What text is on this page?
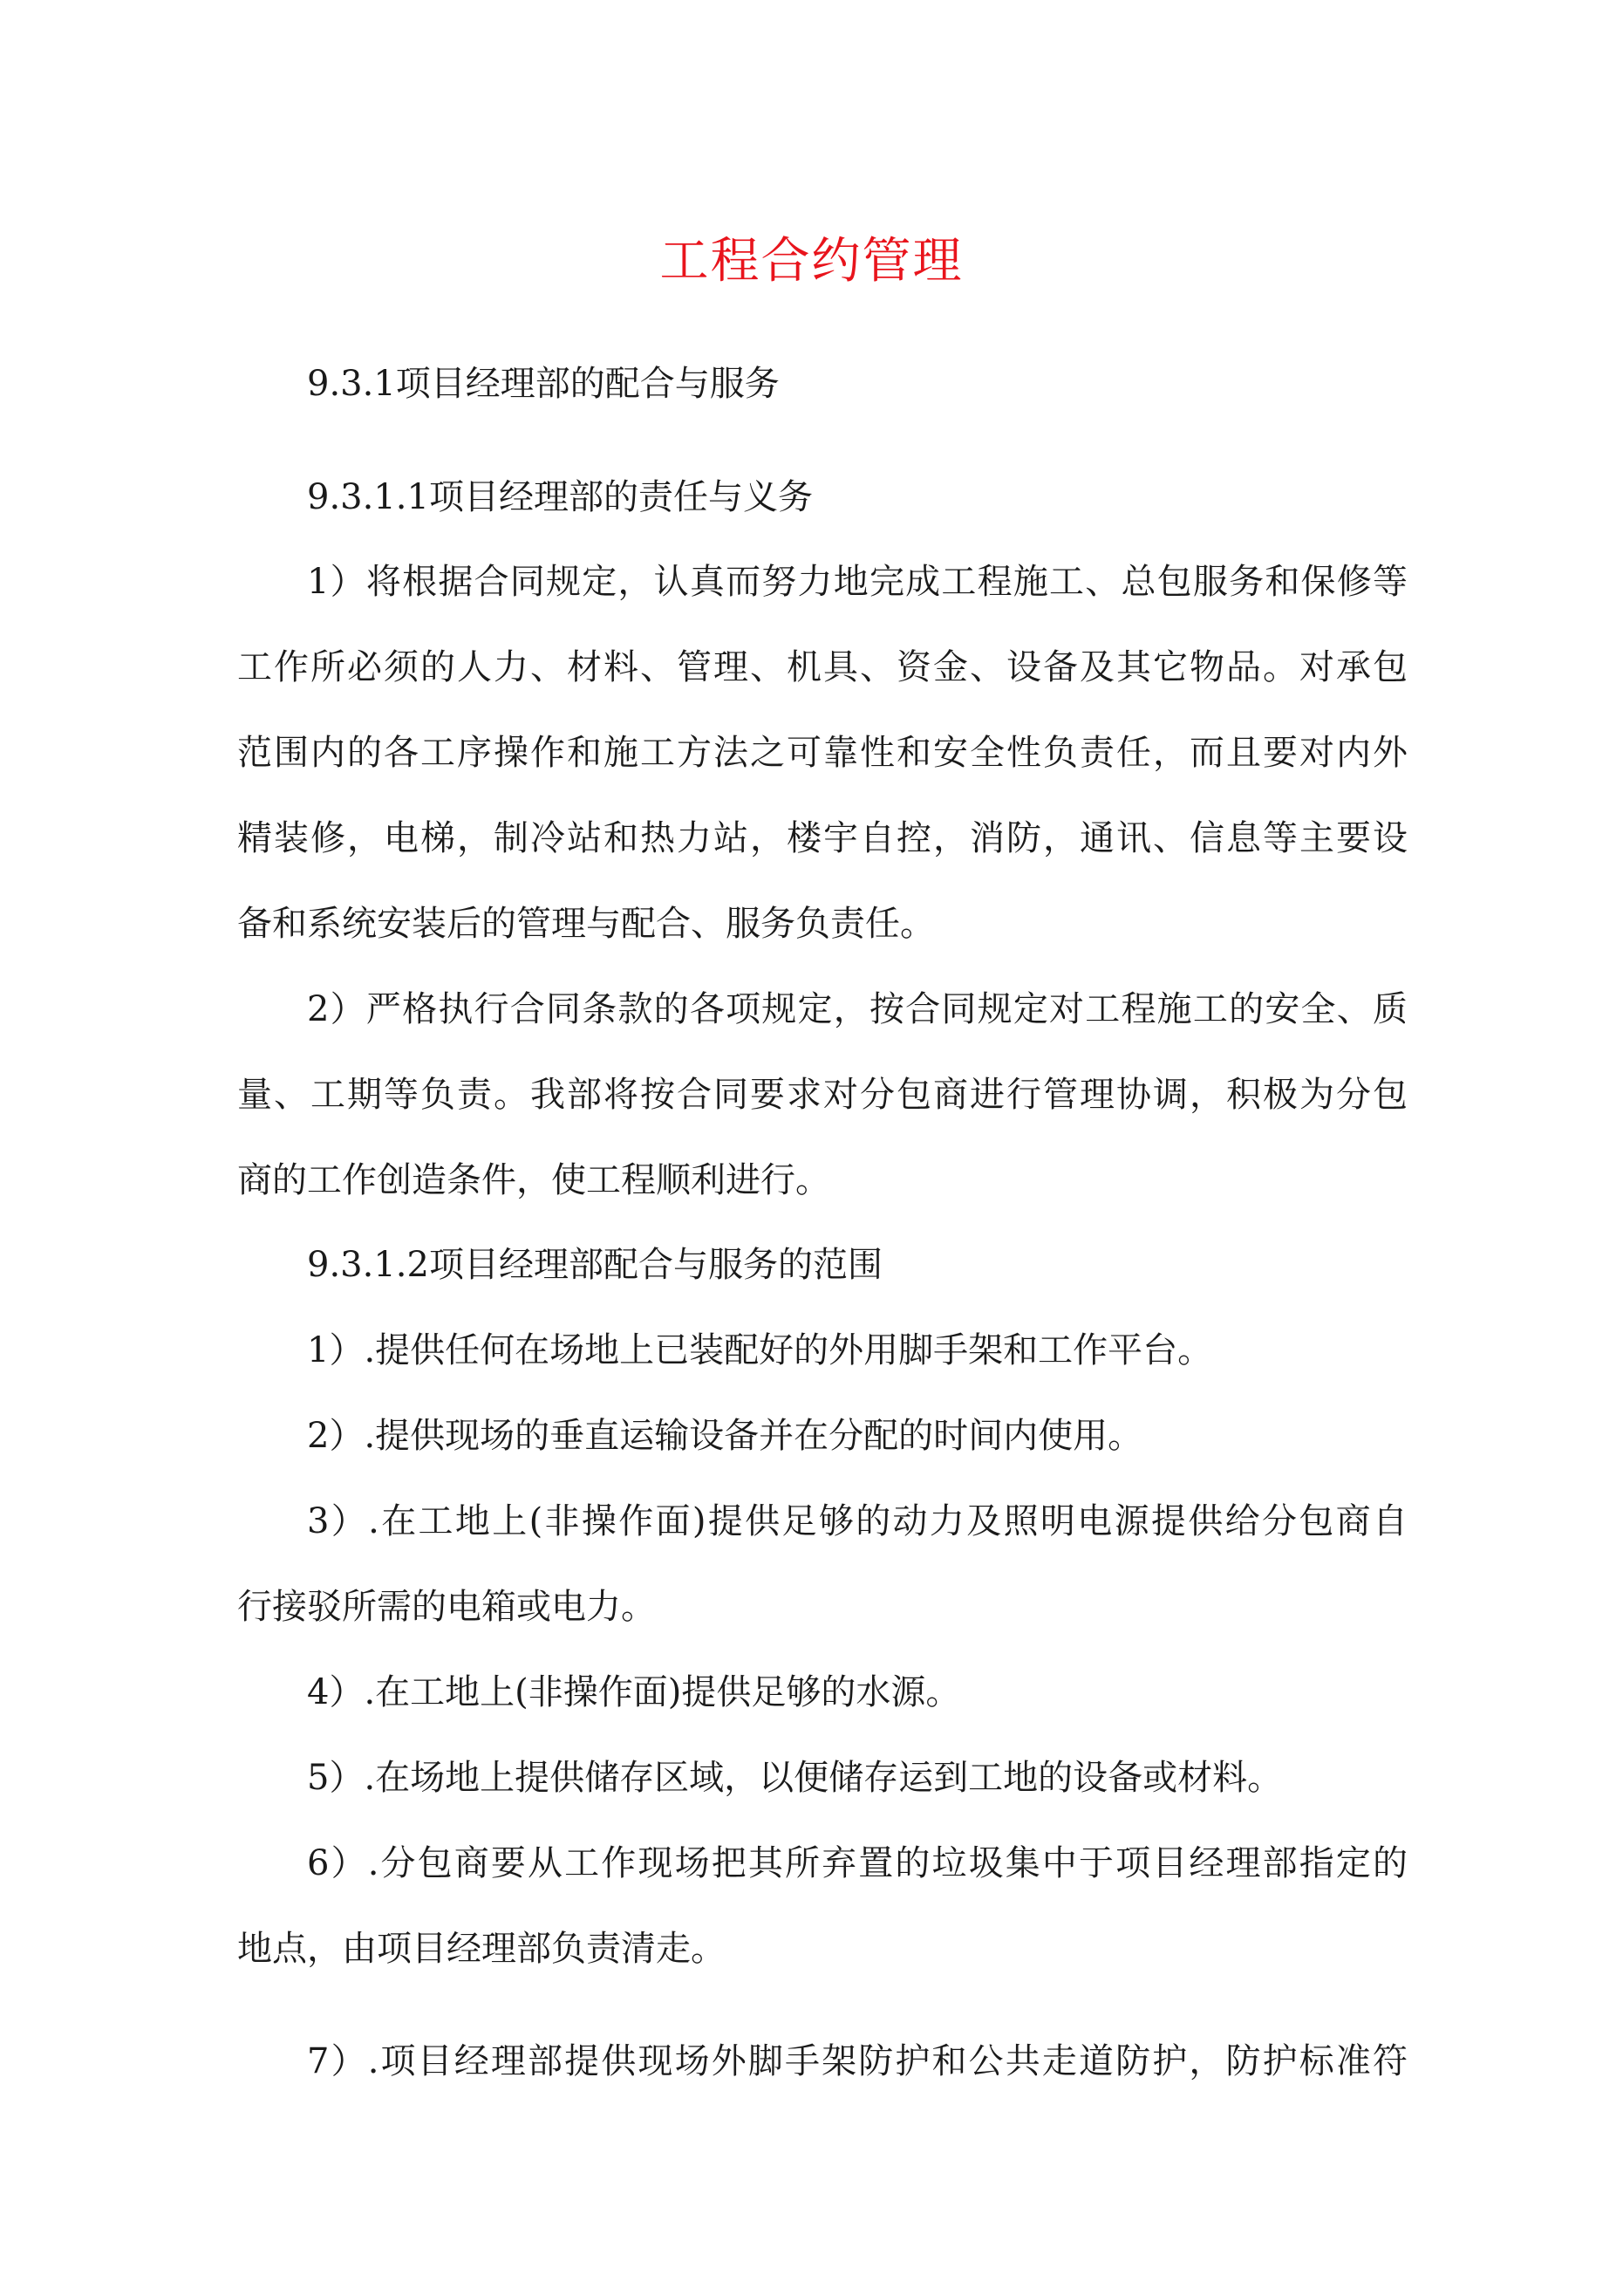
工程合约管理
9.3.1项目经理部的配合与服务
9.3.1.1项目经理部的责任与义务
1）将根据合同规定，认真而努力地完成工程施工、总包服务和保修等
工作所必须的人力、材料、管理、机具、资金、设备及其它物品。对承包
范围内的各工序操作和施工方法之可靠性和安全性负责任，而且要对内外
精装修，电梯，制冷站和热力站，楼宇自控，消防，通讯、信息等主要设
备和系统安装后的管理与配合、服务负责任。
2）严格执行合同条款的各项规定，按合同规定对工程施工的安全、质
量、工期等负责。我部将按合同要求对分包商进行管理协调，积极为分包
商的工作创造条件，使工程顺利进行。
9.3.1.2项目经理部配合与服务的范围
1）.提供任何在场地上已装配好的外用脚手架和工作平台。
2）.提供现场的垂直运输设备并在分配的时间内使用。
3）.在工地上(非操作面)提供足够的动力及照明电源提供给分包商自
行接驳所需的电箱或电力。
4）.在工地上(非操作面)提供足够的水源。
5）.在场地上提供储存区域，以便储存运到工地的设备或材料。
6）.分包商要从工作现场把其所弃置的垃圾集中于项目经理部指定的
地点，由项目经理部负责清走。
7）.项目经理部提供现场外脚手架防护和公共走道防护，防护标准符
